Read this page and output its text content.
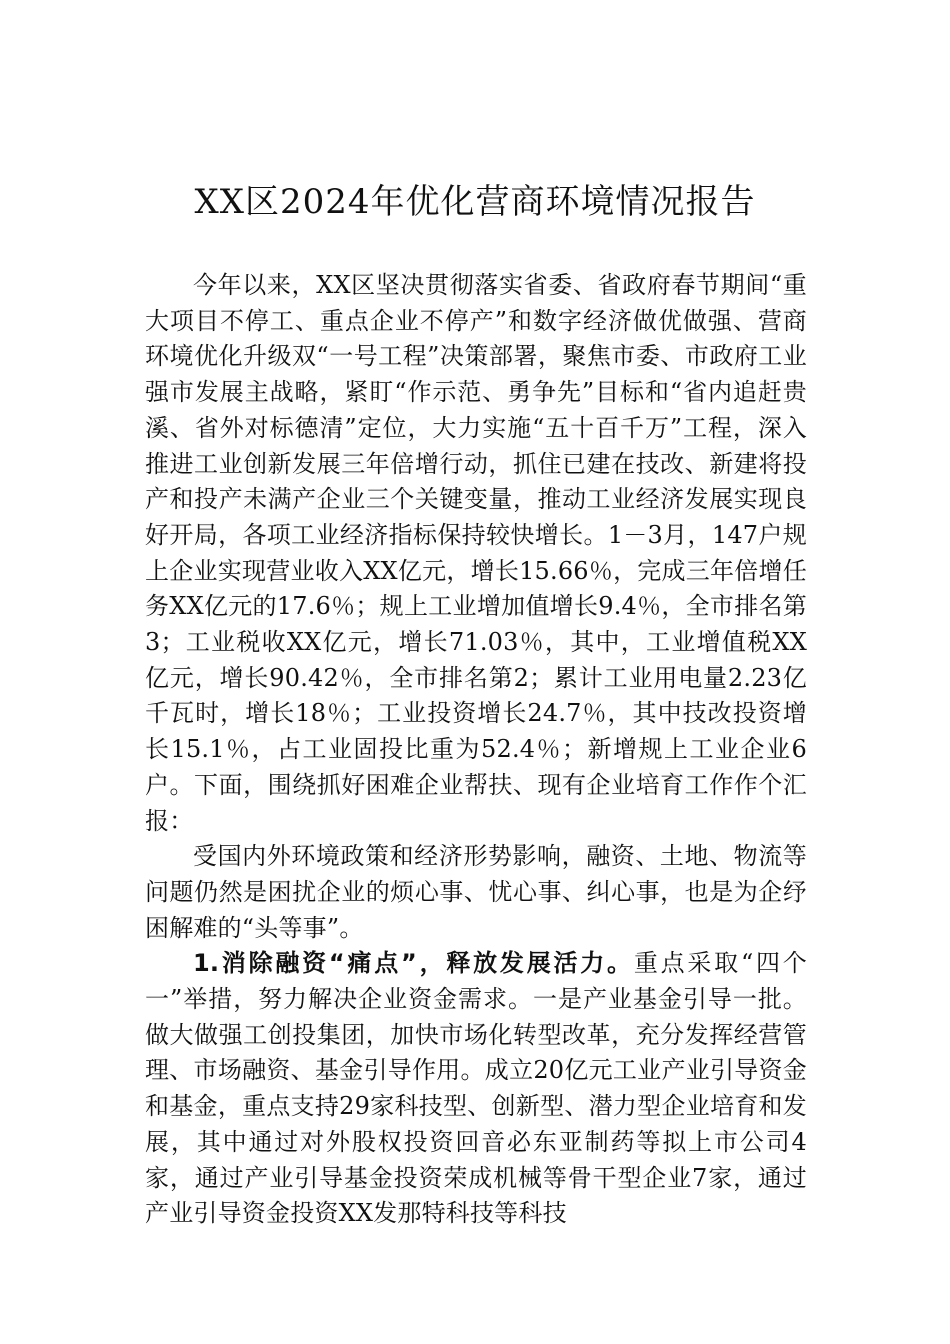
XX区2024年优化营商环境情况报告

今年以来，XX区坚决贯彻落实省委、省政府春节期间“重大项目不停工、重点企业不停产”和数字经济做优做强、营商环境优化升级双“一号工程”决策部署，聚焦市委、市政府工业强市发展主战略，紧盯“作示范、勇争先”目标和“省内追赶贵溪、省外对标德清”定位，大力实施“五十百千万”工程，深入推进工业创新发展三年倍增行动，抓住已建在技改、新建将投产和投产未满产企业三个关键变量，推动工业经济发展实现良好开局，各项工业经济指标保持较快增长。1－3月，147户规上企业实现营业收入XX亿元，增长15.66％，完成三年倍增任务XX亿元的17.6％；规上工业增加值增长9.4％，全市排名第3；工业税收XX亿元，增长71.03％，其中，工业增值税XX亿元，增长90.42％，全市排名第2；累计工业用电量2.23亿千瓦时，增长18％；工业投资增长24.7％，其中技改投资增长15.1％，占工业固投比重为52.4％；新增规上工业企业6户。下面，围绕抓好困难企业帮扶、现有企业培育工作作个汇报：

受国内外环境政策和经济形势影响，融资、土地、物流等问题仍然是困扰企业的烦心事、忧心事、纠心事，也是为企纾困解难的“头等事”。

1.消除融资“痛点”，释放发展活力。重点采取“四个一”举措，努力解决企业资金需求。一是产业基金引导一批。做大做强工创投集团，加快市场化转型改革，充分发挥经营管理、市场融资、基金引导作用。成立20亿元工业产业引导资金和基金，重点支持29家科技型、创新型、潜力型企业培育和发展，其中通过对外股权投资回音必东亚制药等拟上市公司4家，通过产业引导基金投资荣成机械等骨干型企业7家，通过产业引导资金投资XX发那特科技等科技
